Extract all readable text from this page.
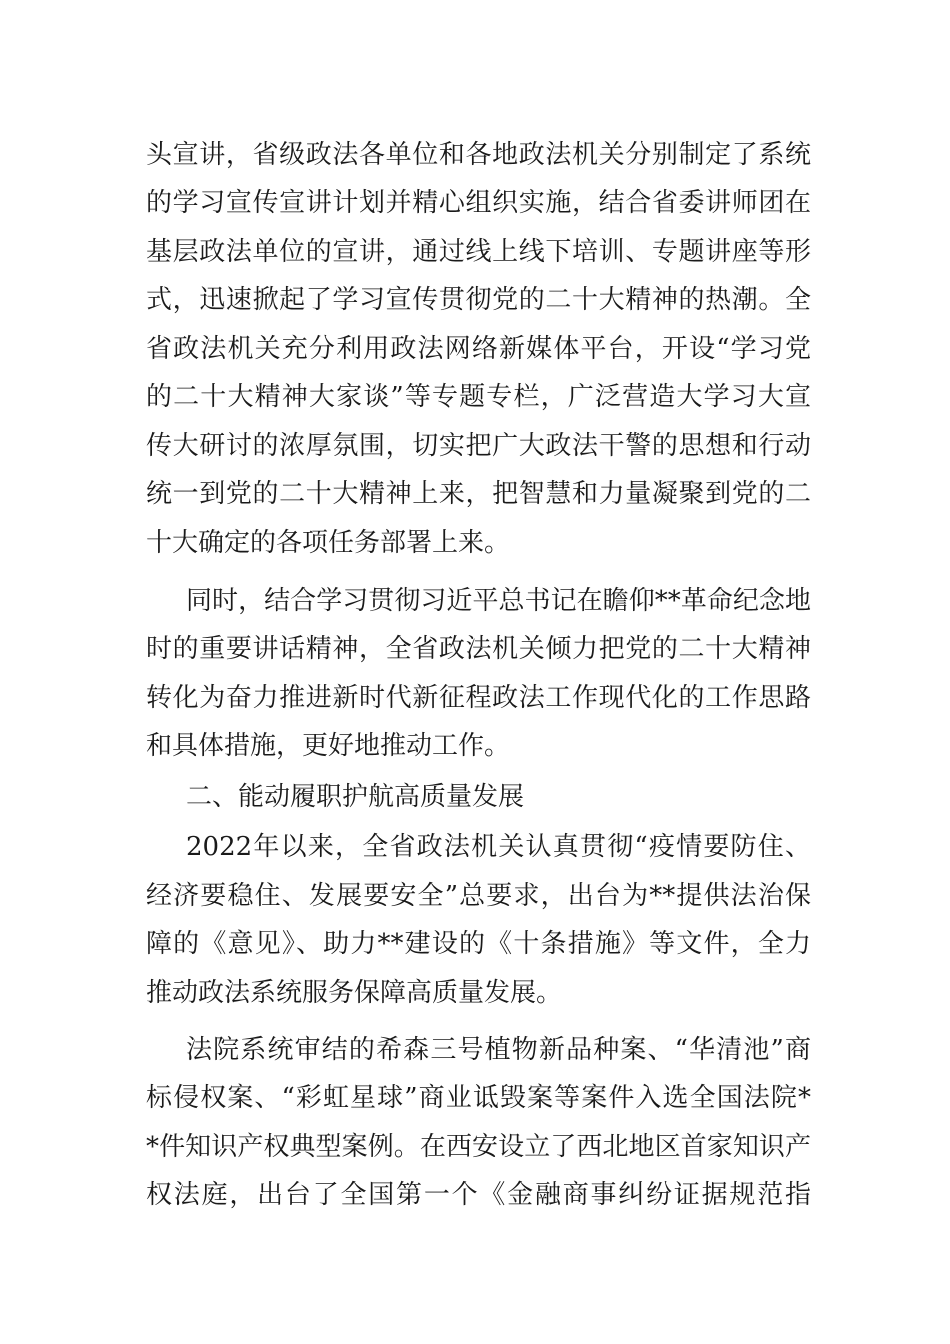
头宣讲，省级政法各单位和各地政法机关分别制定了系统
的学习宣传宣讲计划并精心组织实施，结合省委讲师团在
基层政法单位的宣讲，通过线上线下培训、专题讲座等形
式，迅速掀起了学习宣传贯彻党的二十大精神的热潮。全
省政法机关充分利用政法网络新媒体平台，开设“学习党
的二十大精神大家谈”等专题专栏，广泛营造大学习大宣
传大研讨的浓厚氛围，切实把广大政法干警的思想和行动
统一到党的二十大精神上来，把智慧和力量凝聚到党的二
十大确定的各项任务部署上来。
同时，结合学习贯彻习近平总书记在瞻仰**革命纪念地
时的重要讲话精神，全省政法机关倾力把党的二十大精神
转化为奋力推进新时代新征程政法工作现代化的工作思路
和具体措施，更好地推动工作。
二、能动履职护航高质量发展
2022年以来，全省政法机关认真贯彻“疫情要防住、
经济要稳住、发展要安全”总要求，出台为**提供法治保
障的《意见》、助力**建设的《十条措施》等文件，全力
推动政法系统服务保障高质量发展。
法院系统审结的希森三号植物新品种案、“华清池”商
标侵权案、“彩虹星球”商业诋毁案等案件入选全国法院*
*件知识产权典型案例。在西安设立了西北地区首家知识产
权法庭，出台了全国第一个《金融商事纠纷证据规范指
